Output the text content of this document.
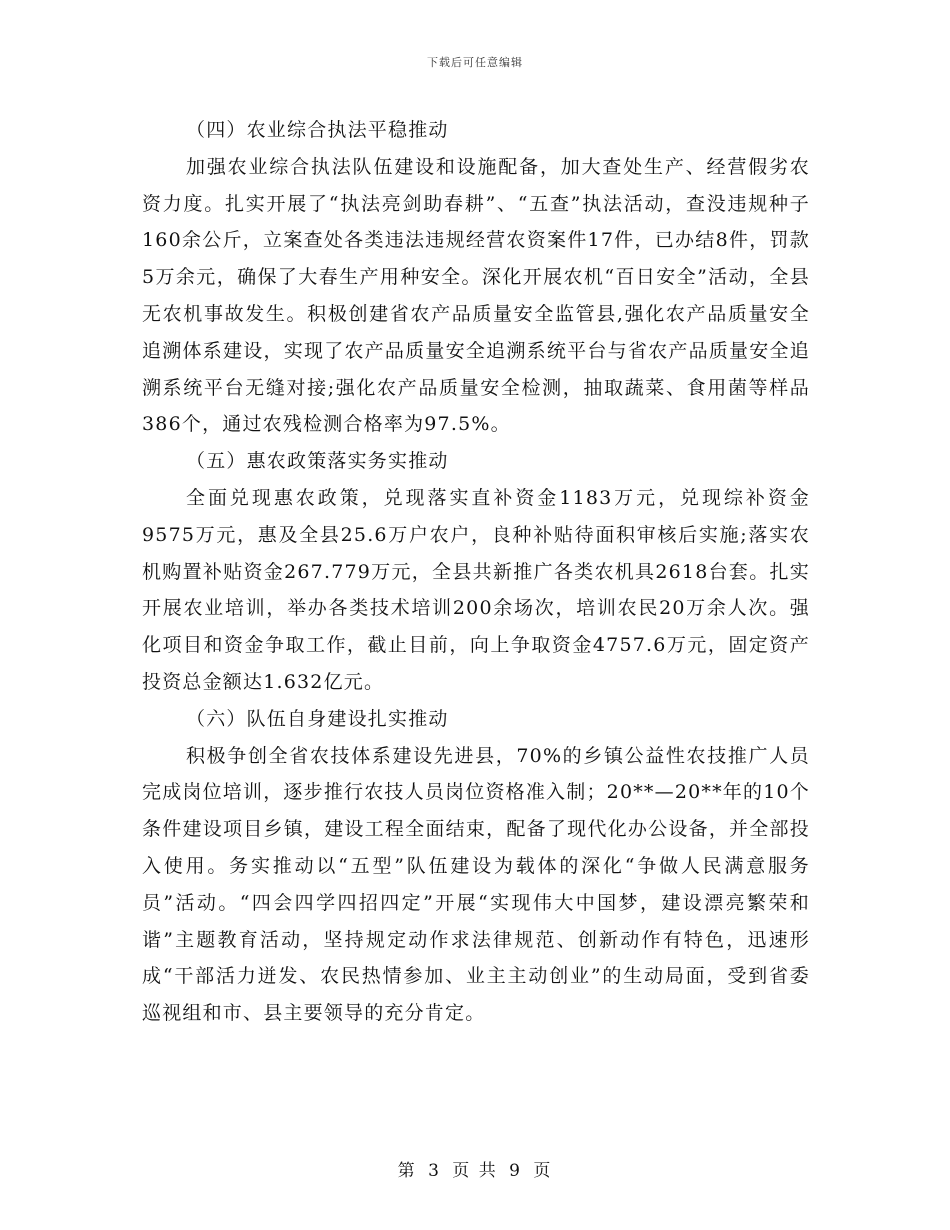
下载后可任意编辑

（四）农业综合执法平稳推动

加强农业综合执法队伍建设和设施配备，加大查处生产、经营假劣农资力度。扎实开展了“执法亮剑助春耕”、“五查”执法活动，查没违规种子160余公斤，立案查处各类违法违规经营农资案件17件，已办结8件，罚款5万余元，确保了大春生产用种安全。深化开展农机“百日安全”活动，全县无农机事故发生。积极创建省农产品质量安全监管县,强化农产品质量安全追溯体系建设，实现了农产品质量安全追溯系统平台与省农产品质量安全追溯系统平台无缝对接;强化农产品质量安全检测，抽取蔬菜、食用菌等样品386个，通过农残检测合格率为97.5%。

（五）惠农政策落实务实推动

全面兑现惠农政策，兑现落实直补资金1183万元，兑现综补资金9575万元，惠及全县25.6万户农户，良种补贴待面积审核后实施;落实农机购置补贴资金267.779万元，全县共新推广各类农机具2618台套。扎实开展农业培训，举办各类技术培训200余场次，培训农民20万余人次。强化项目和资金争取工作，截止目前，向上争取资金4757.6万元，固定资产投资总金额达1.632亿元。

（六）队伍自身建设扎实推动

积极争创全省农技体系建设先进县，70%的乡镇公益性农技推广人员完成岗位培训，逐步推行农技人员岗位资格准入制；20**—20**年的10个条件建设项目乡镇，建设工程全面结束，配备了现代化办公设备，并全部投入使用。务实推动以“五型”队伍建设为载体的深化“争做人民满意服务员”活动。“四会四学四招四定”开展“实现伟大中国梦，建设漂亮繁荣和谐”主题教育活动，坚持规定动作求法律规范、创新动作有特色，迅速形成“干部活力迸发、农民热情参加、业主主动创业”的生动局面，受到省委巡视组和市、县主要领导的充分肯定。

第 3 页 共 9 页
